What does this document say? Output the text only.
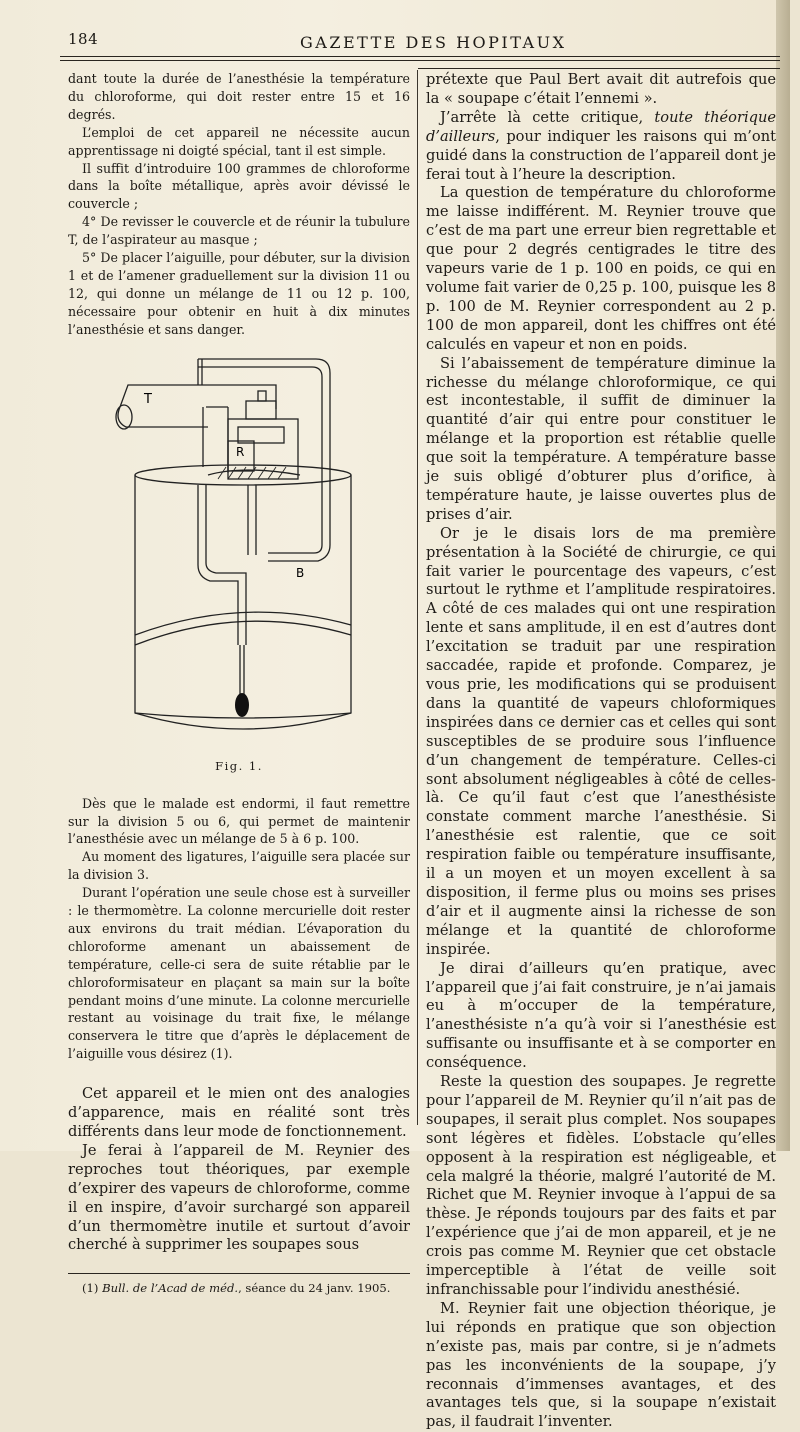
184	GAZETTE DES HOPITAUX

dant toute la durée de l’anesthésie la température du chloroforme, qui doit rester entre 15 et 16 degrés.

L’emploi de cet appareil ne nécessite aucun apprentissage ni doigté spécial, tant il est simple.

Il suffit d’introduire 100 grammes de chloroforme dans la boîte métallique, après avoir dévissé le couvercle ;

4° De revisser le couvercle et de réunir la tubulure T, de l’aspirateur au masque ;

5° De placer l’aiguille, pour débuter, sur la division 1 et de l’amener graduellement sur la division 11 ou 12, qui donne un mélange de 11 ou 12 p. 100, nécessaire pour obtenir en huit à dix minutes l’anesthésie et sans danger.

T
R
B
Fig. 1.

Dès que le malade est endormi, il faut remettre sur la division 5 ou 6, qui permet de maintenir l’anesthésie avec un mélange de 5 à 6 p. 100.

Au moment des ligatures, l’aiguille sera placée sur la division 3.

Durant l’opération une seule chose est à surveiller : le thermomètre. La colonne mercurielle doit rester aux environs du trait médian. L’évaporation du chloroforme amenant un abaissement de température, celle-ci sera de suite rétablie par le chloroformisateur en plaçant sa main sur la boîte pendant moins d’une minute. La colonne mercurielle restant au voisinage du trait fixe, le mélange conservera le titre que d’après le déplacement de l’aiguille vous désirez (1).

Cet appareil et le mien ont des analogies d’apparence, mais en réalité sont très différents dans leur mode de fonctionnement.

Je ferai à l’appareil de M. Reynier des reproches tout théoriques, par exemple d’expirer des vapeurs de chloroforme, comme il en inspire, d’avoir surchargé son appareil d’un thermomètre inutile et surtout d’avoir cherché à supprimer les soupapes sous

(1) Bull. de l’Acad de méd., séance du 24 janv. 1905.

prétexte que Paul Bert avait dit autrefois que la « soupape c’était l’ennemi ».

J’arrête là cette critique, toute théorique d’ailleurs, pour indiquer les raisons qui m’ont guidé dans la construction de l’appareil dont je ferai tout à l’heure la description.

La question de température du chloroforme me laisse indifférent. M. Reynier trouve que c’est de ma part une erreur bien regrettable et que pour 2 degrés centigrades le titre des vapeurs varie de 1 p. 100 en poids, ce qui en volume fait varier de 0,25 p. 100, puisque les 8 p. 100 de M. Reynier correspondent au 2 p. 100 de mon appareil, dont les chiffres ont été calculés en vapeur et non en poids.

Si l’abaissement de température diminue la richesse du mélange chloroformique, ce qui est incontestable, il suffit de diminuer la quantité d’air qui entre pour constituer le mélange et la proportion est rétablie quelle que soit la température. A température basse je suis obligé d’obturer plus d’orifice, à température haute, je laisse ouvertes plus de prises d’air.

Or je le disais lors de ma première présentation à la Société de chirurgie, ce qui fait varier le pourcentage des vapeurs, c’est surtout le rythme et l’amplitude respiratoires. A côté de ces malades qui ont une respiration lente et sans amplitude, il en est d’autres dont l’excitation se traduit par une respiration saccadée, rapide et profonde. Comparez, je vous prie, les modifications qui se produisent dans la quantité de vapeurs chloformiques inspirées dans ce dernier cas et celles qui sont susceptibles de se produire sous l’influence d’un changement de température. Celles-ci sont absolument négligeables à côté de celles-là. Ce qu’il faut c’est que l’anesthésiste constate comment marche l’anesthésie. Si l’anesthésie est ralentie, que ce soit respiration faible ou température insuffisante, il a un moyen et un moyen excellent à sa disposition, il ferme plus ou moins ses prises d’air et il augmente ainsi la richesse de son mélange et la quantité de chloroforme inspirée.

Je dirai d’ailleurs qu’en pratique, avec l’appareil que j’ai fait construire, je n’ai jamais eu à m’occuper de la température, l’anesthésiste n’a qu’à voir si l’anesthésie est suffisante ou insuffisante et à se comporter en conséquence.

Reste la question des soupapes. Je regrette pour l’appareil de M. Reynier qu’il n’ait pas de soupapes, il serait plus complet. Nos soupapes sont légères et fidèles. L’obstacle qu’elles opposent à la respiration est négligeable, et cela malgré la théorie, malgré l’autorité de M. Richet que M. Reynier invoque à l’appui de sa thèse. Je réponds toujours par des faits et par l’expérience que j’ai de mon appareil, et je ne crois pas comme M. Reynier que cet obstacle imperceptible à l’état de veille soit infranchissable pour l’individu anesthésié.

M. Reynier fait une objection théorique, je lui réponds en pratique que son objection n’existe pas, mais par contre, si je n’admets pas les inconvénients de la soupape, j’y reconnais d’immenses avantages, et des avantages tels que, si la soupape n’existait pas, il faudrait l’inventer.
